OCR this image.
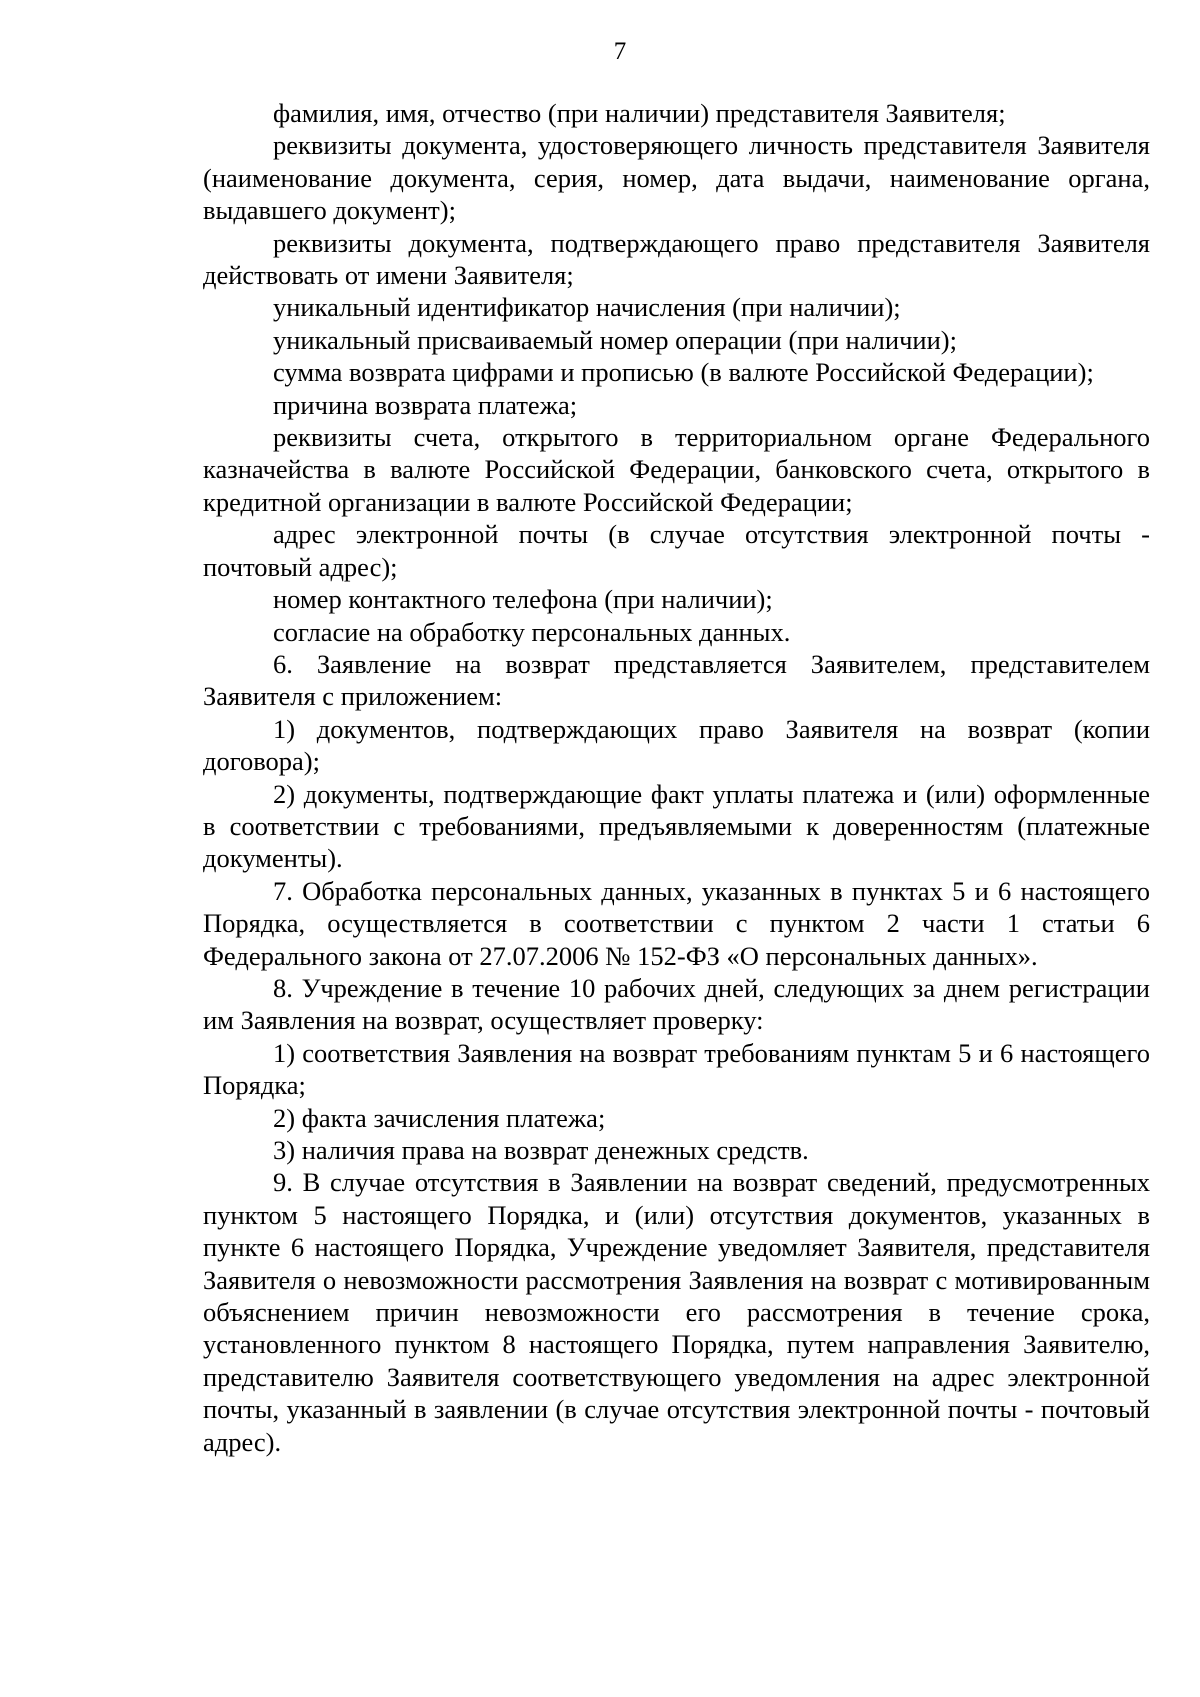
7

фамилия, имя, отчество (при наличии) представителя Заявителя;

реквизиты документа, удостоверяющего личность представителя Заявителя (наименование документа, серия, номер, дата выдачи, наименование органа, выдавшего документ);

реквизиты документа, подтверждающего право представителя Заявителя действовать от имени Заявителя;

уникальный идентификатор начисления (при наличии);

уникальный присваиваемый номер операции (при наличии);

сумма возврата цифрами и прописью (в валюте Российской Федерации);

причина возврата платежа;

реквизиты счета, открытого в территориальном органе Федерального казначейства в валюте Российской Федерации, банковского счета, открытого в кредитной организации в валюте Российской Федерации;

адрес электронной почты (в случае отсутствия электронной почты - почтовый адрес);

номер контактного телефона (при наличии);

согласие на обработку персональных данных.

6. Заявление на возврат представляется Заявителем, представителем Заявителя с приложением:

1) документов, подтверждающих право Заявителя на возврат (копии договора);

2) документы, подтверждающие факт уплаты платежа и (или) оформленные в соответствии с требованиями, предъявляемыми к доверенностям (платежные документы).

7. Обработка персональных данных, указанных в пунктах 5 и 6 настоящего Порядка, осуществляется в соответствии с пунктом 2 части 1 статьи 6 Федерального закона от 27.07.2006 № 152-ФЗ «О персональных данных».

8. Учреждение в течение 10 рабочих дней, следующих за днем регистрации им Заявления на возврат, осуществляет проверку:

1) соответствия Заявления на возврат требованиям пунктам 5 и 6 настоящего Порядка;

2) факта зачисления платежа;

3) наличия права на возврат денежных средств.

9. В случае отсутствия в Заявлении на возврат сведений, предусмотренных пунктом 5 настоящего Порядка, и (или) отсутствия документов, указанных в пункте 6 настоящего Порядка, Учреждение уведомляет Заявителя, представителя Заявителя о невозможности рассмотрения Заявления на возврат с мотивированным объяснением причин невозможности его рассмотрения в течение срока, установленного пунктом 8 настоящего Порядка, путем направления Заявителю, представителю Заявителя соответствующего уведомления на адрес электронной почты, указанный в заявлении (в случае отсутствия электронной почты - почтовый адрес).
